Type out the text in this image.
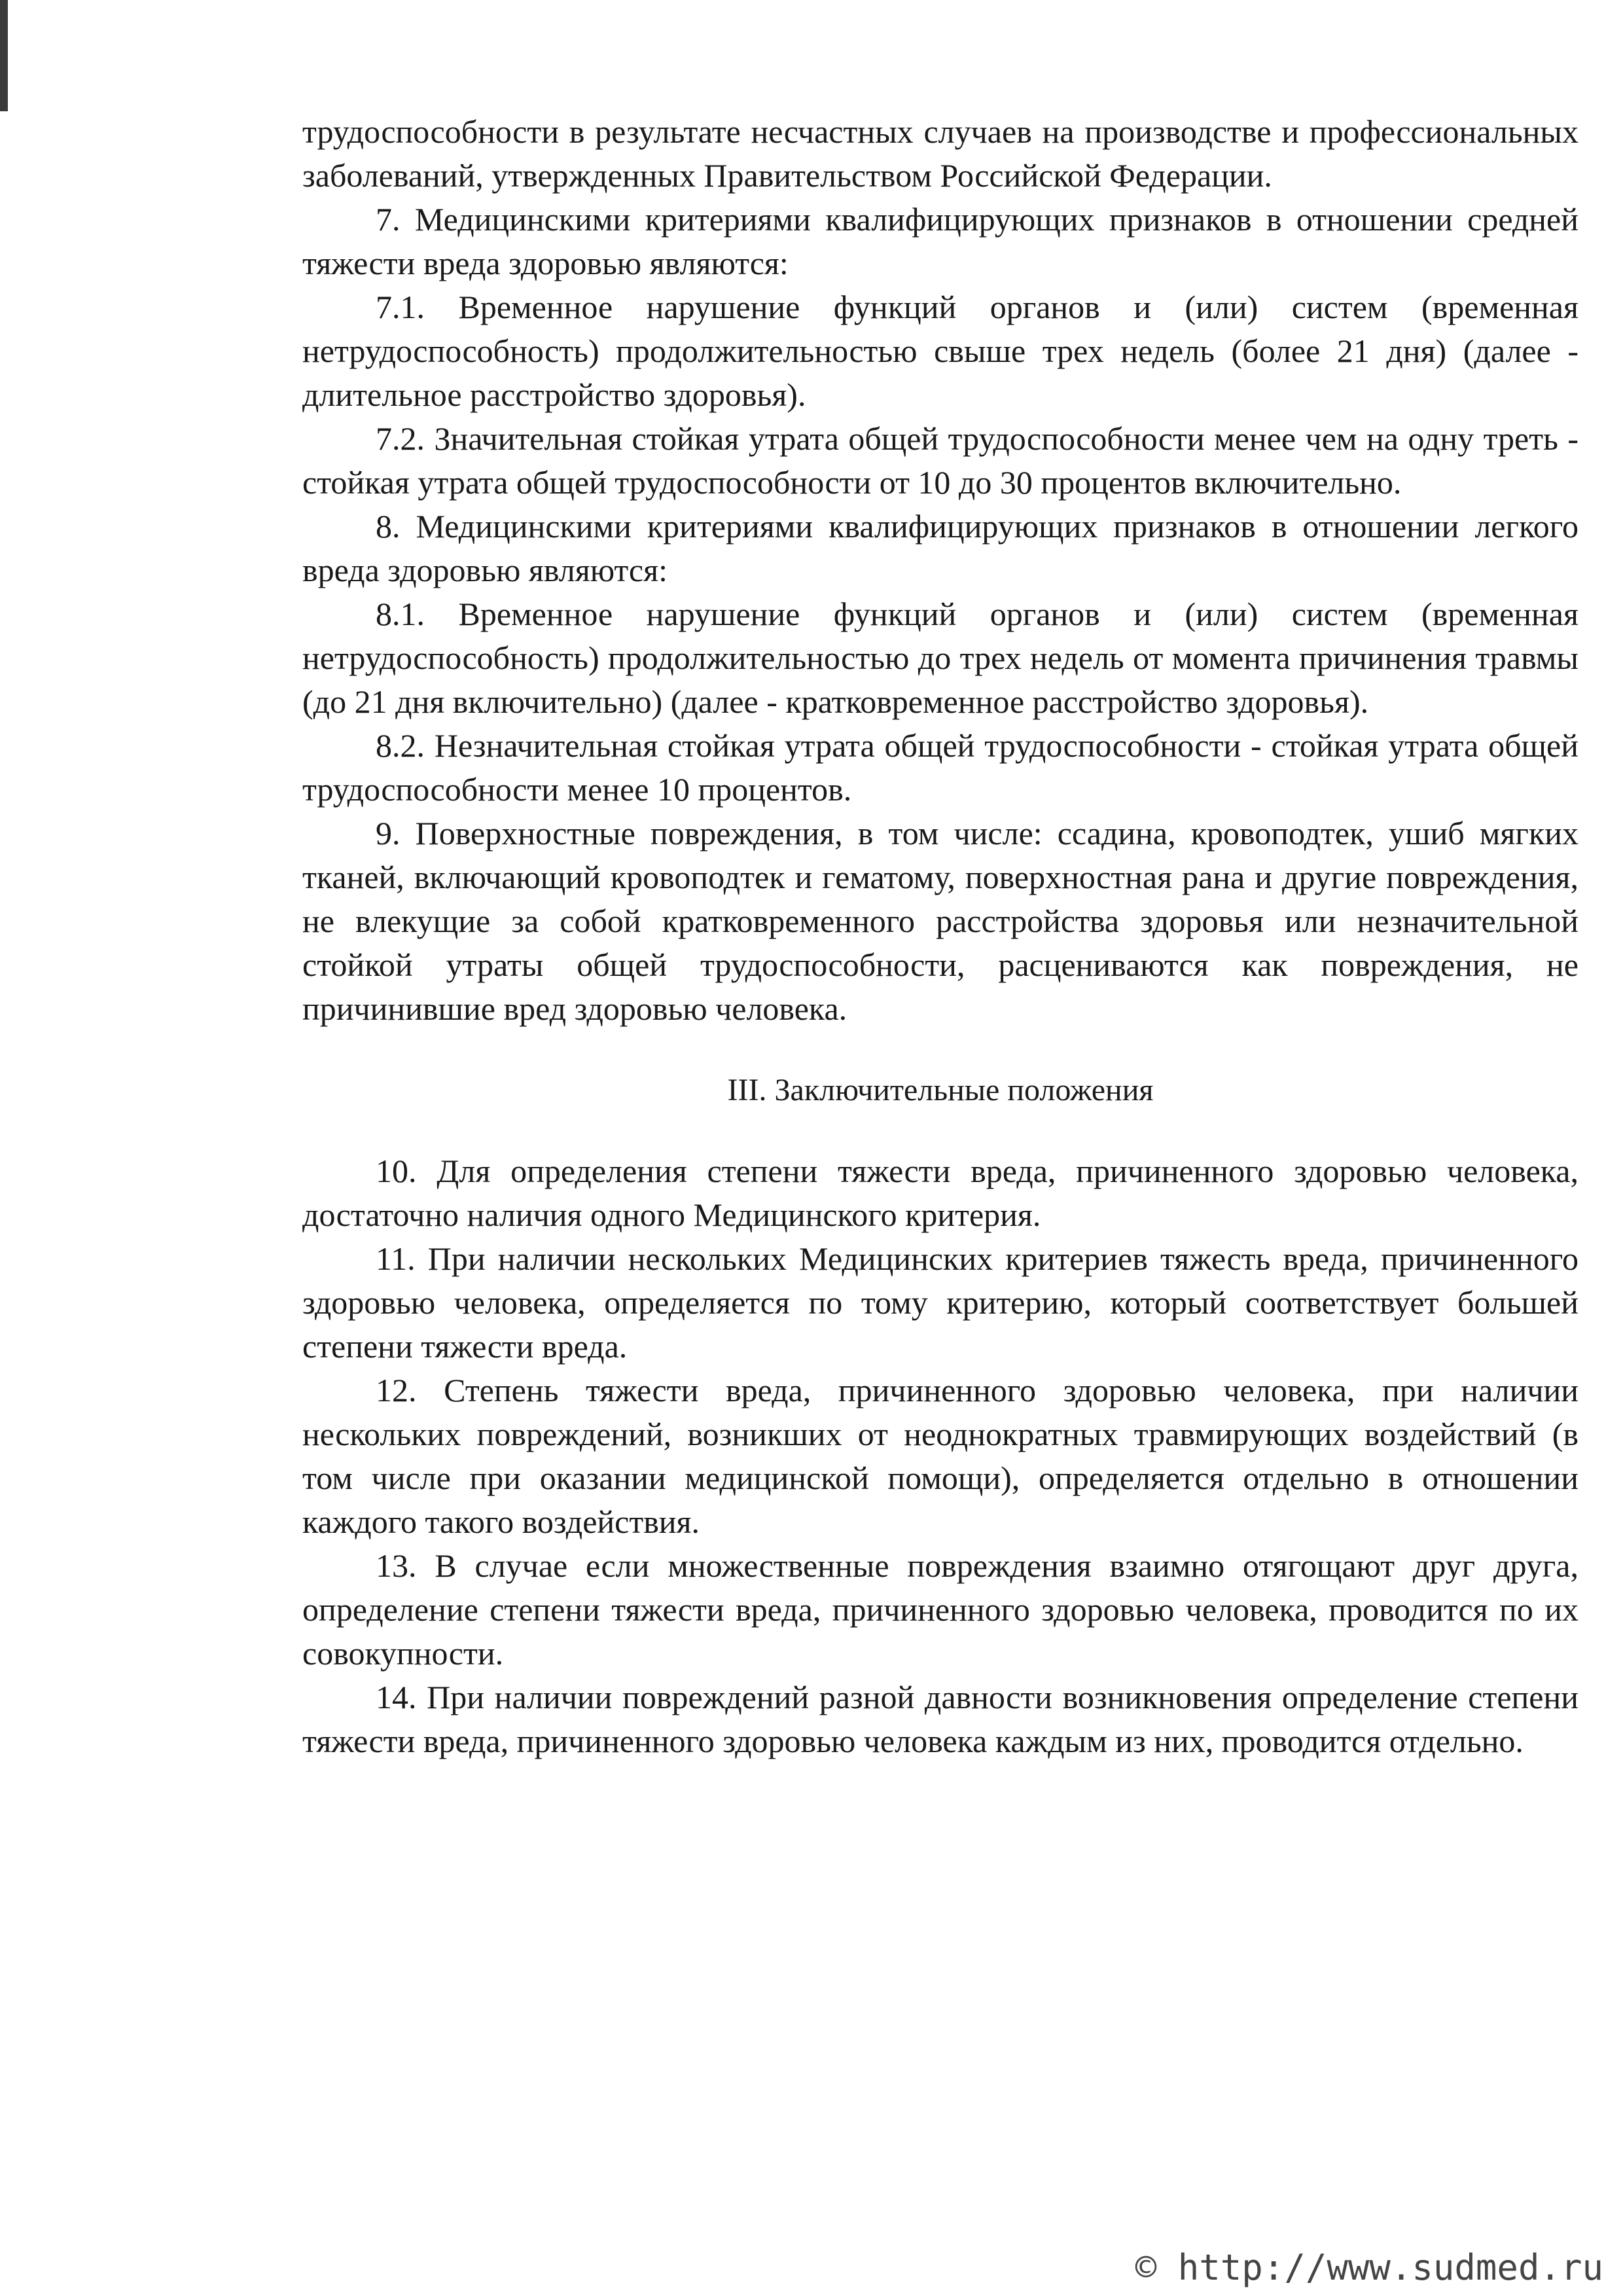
трудоспособности в результате несчастных случаев на производстве и профессиональных заболеваний, утвержденных Правительством Российской Федерации.

7. Медицинскими критериями квалифицирующих признаков в отношении средней тяжести вреда здоровью являются:

7.1. Временное нарушение функций органов и (или) систем (временная нетрудоспособность) продолжительностью свыше трех недель (более 21 дня) (далее - длительное расстройство здоровья).

7.2. Значительная стойкая утрата общей трудоспособности менее чем на одну треть - стойкая утрата общей трудоспособности от 10 до 30 процентов включительно.

8. Медицинскими критериями квалифицирующих признаков в отношении легкого вреда здоровью являются:

8.1. Временное нарушение функций органов и (или) систем (временная нетрудоспособность) продолжительностью до трех недель от момента причинения травмы (до 21 дня включительно) (далее - кратковременное расстройство здоровья).

8.2. Незначительная стойкая утрата общей трудоспособности - стойкая утрата общей трудоспособности менее 10 процентов.

9. Поверхностные повреждения, в том числе: ссадина, кровоподтек, ушиб мягких тканей, включающий кровоподтек и гематому, поверхностная рана и другие повреждения, не влекущие за собой кратковременного расстройства здоровья или незначительной стойкой утраты общей трудоспособности, расцениваются как повреждения, не причинившие вред здоровью человека.

III. Заключительные положения

10. Для определения степени тяжести вреда, причиненного здоровью человека, достаточно наличия одного Медицинского критерия.

11. При наличии нескольких Медицинских критериев тяжесть вреда, причиненного здоровью человека, определяется по тому критерию, который соответствует большей степени тяжести вреда.

12. Степень тяжести вреда, причиненного здоровью человека, при наличии нескольких повреждений, возникших от неоднократных травмирующих воздействий (в том числе при оказании медицинской помощи), определяется отдельно в отношении каждого такого воздействия.

13. В случае если множественные повреждения взаимно отягощают друг друга, определение степени тяжести вреда, причиненного здоровью человека, проводится по их совокупности.

14. При наличии повреждений разной давности возникновения определение степени тяжести вреда, причиненного здоровью человека каждым из них, проводится отдельно.

© http://www.sudmed.ru
